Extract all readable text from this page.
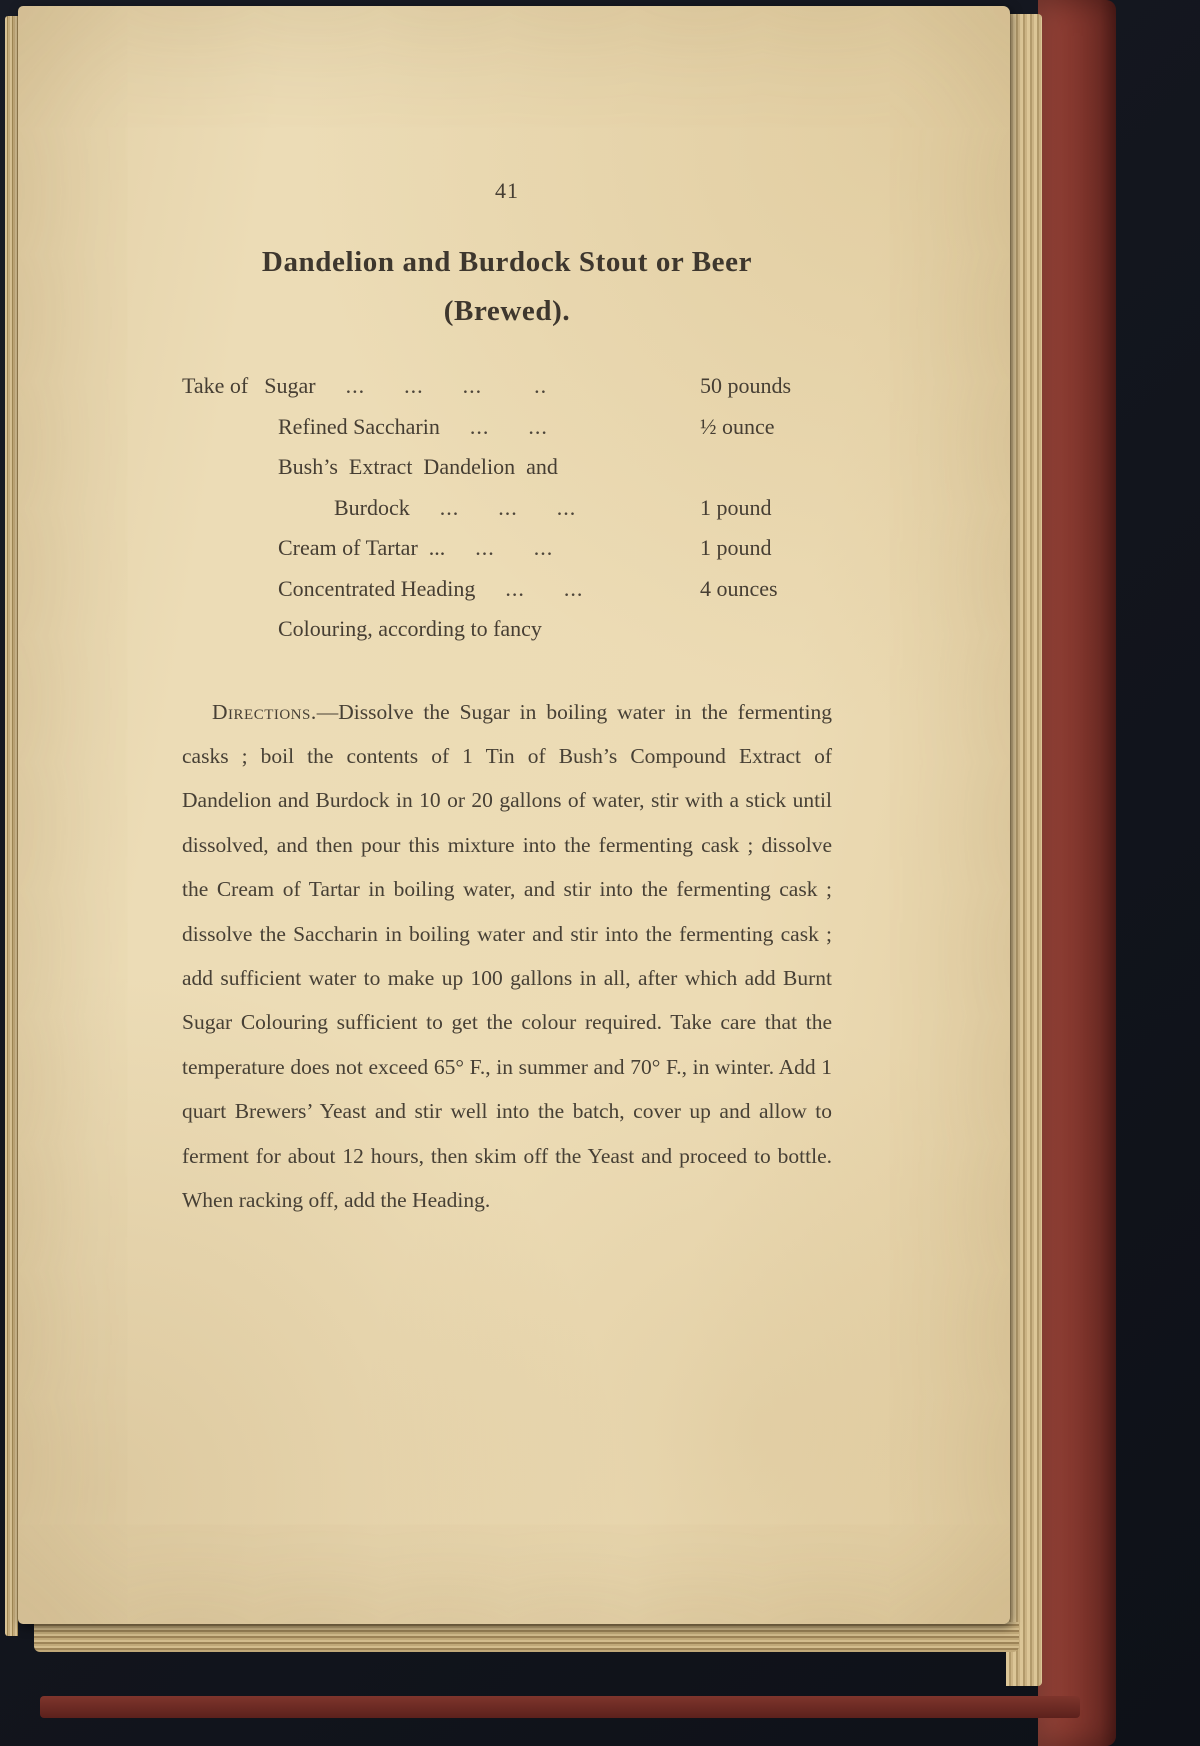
41
Dandelion and Burdock Stout or Beer
(Brewed).
Take of Sugar ...      ...      ...        ..	50 pounds
Refined Saccharin ...      ...	½ ounce
Bush’s  Extract  Dandelion  and
Burdock ...      ...      ...	1 pound
Cream of Tartar  ... ...      ...	1 pound
Concentrated Heading ...      ...	4 ounces
Colouring, according to fancy

Directions.—Dissolve the Sugar in boiling water in the fermenting casks ; boil the contents of 1 Tin of Bush’s Compound Extract of Dandelion and Burdock in 10 or 20 gallons of water, stir with a stick until dissolved, and then pour this mixture into the fermenting cask ; dissolve the Cream of Tartar in boiling water, and stir into the fermenting cask ; dissolve the Saccharin in boiling water and stir into the fermenting cask ; add sufficient water to make up 100 gallons in all, after which add Burnt Sugar Colouring sufficient to get the colour required. Take care that the temperature does not exceed 65° F., in summer and 70° F., in winter. Add 1 quart Brewers’ Yeast and stir well into the batch, cover up and allow to ferment for about 12 hours, then skim off the Yeast and proceed to bottle. When racking off, add the Heading.
